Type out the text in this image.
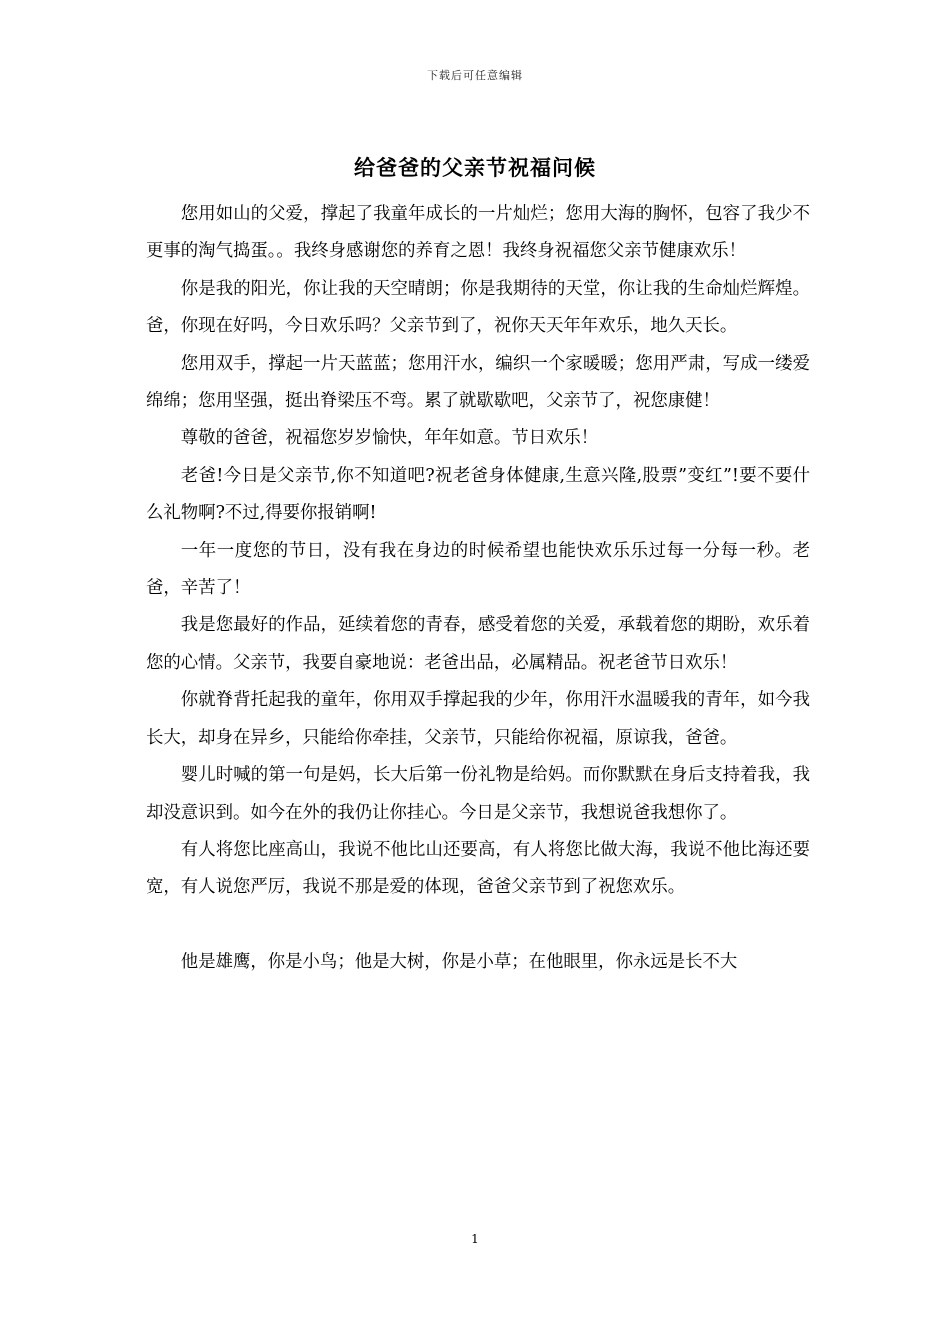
下载后可任意编辑
给爸爸的父亲节祝福问候

您用如山的父爱，撑起了我童年成长的一片灿烂；您用大海的胸怀，包容了我少不更事的淘气捣蛋。。我终身感谢您的养育之恩！我终身祝福您父亲节健康欢乐！

你是我的阳光，你让我的天空晴朗；你是我期待的天堂，你让我的生命灿烂辉煌。爸，你现在好吗，今日欢乐吗？父亲节到了，祝你天天年年欢乐，地久天长。

您用双手，撑起一片天蓝蓝；您用汗水，编织一个家暖暖；您用严肃，写成一缕爱绵绵；您用坚强，挺出脊梁压不弯。累了就歇歇吧，父亲节了，祝您康健！

尊敬的爸爸，祝福您岁岁愉快，年年如意。节日欢乐！

老爸!今日是父亲节,你不知道吧?祝老爸身体健康,生意兴隆,股票”变红”!要不要什么礼物啊?不过,得要你报销啊!

一年一度您的节日，没有我在身边的时候希望也能快欢乐乐过每一分每一秒。老爸，辛苦了！

我是您最好的作品，延续着您的青春，感受着您的关爱，承载着您的期盼，欢乐着您的心情。父亲节，我要自豪地说：老爸出品，必属精品。祝老爸节日欢乐！

你就脊背托起我的童年，你用双手撑起我的少年，你用汗水温暖我的青年，如今我长大，却身在异乡，只能给你牵挂，父亲节，只能给你祝福，原谅我，爸爸。

婴儿时喊的第一句是妈，长大后第一份礼物是给妈。而你默默在身后支持着我，我却没意识到。如今在外的我仍让你挂心。今日是父亲节，我想说爸我想你了。

有人将您比座高山，我说不他比山还要高，有人将您比做大海，我说不他比海还要宽，有人说您严厉，我说不那是爱的体现，爸爸父亲节到了祝您欢乐。

他是雄鹰，你是小鸟；他是大树，你是小草；在他眼里，你永远是长不大

1
